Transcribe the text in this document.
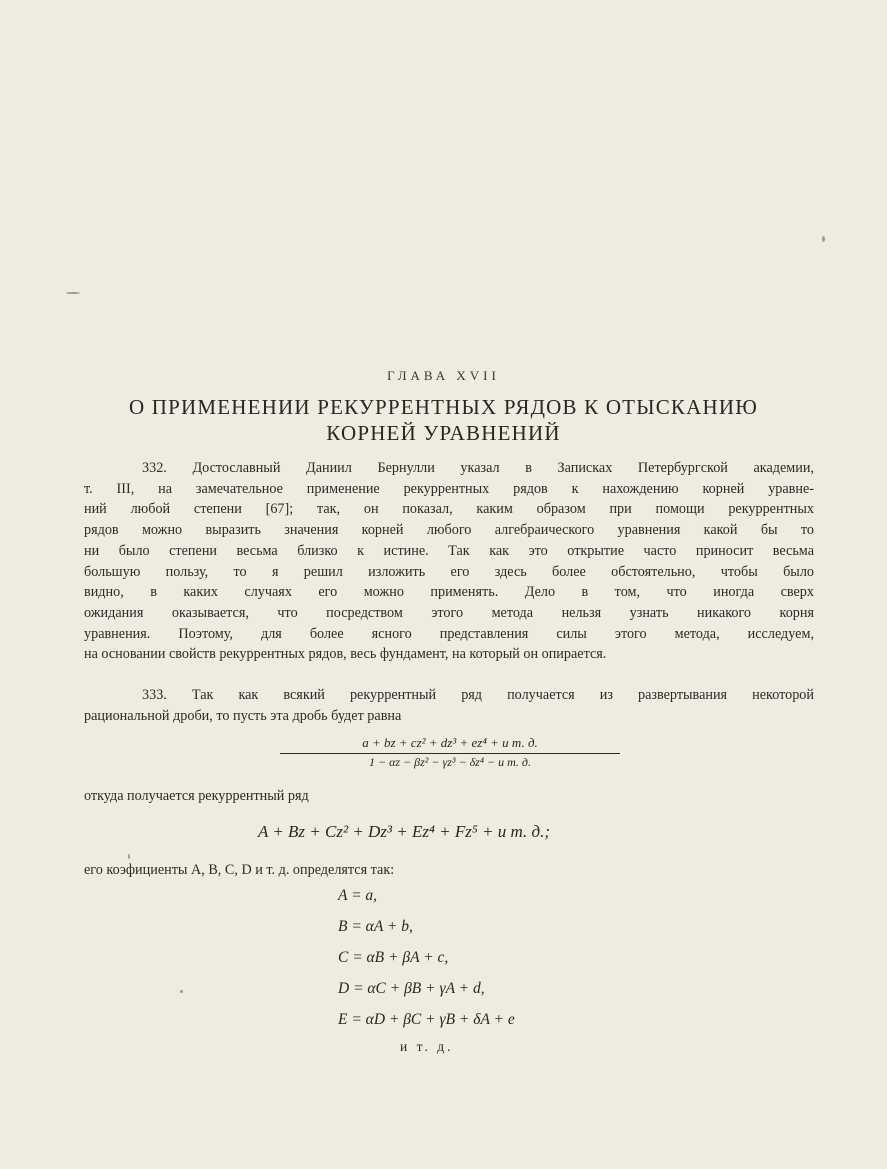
ГЛАВА XVII
О ПРИМЕНЕНИИ РЕКУРРЕНТНЫХ РЯДОВ К ОТЫСКАНИЮ
КОРНЕЙ УРАВНЕНИЙ
332. Достославный Даниил Бернулли указал в Записках Петербургской академии,
т. III, на замечательное применение рекуррентных рядов к нахождению корней уравне-
ний любой степени [67]; так, он показал, каким образом при помощи рекуррентных
рядов можно выразить значения корней любого алгебраического уравнения какой бы то
ни было степени весьма близко к истине. Так как это открытие часто приносит весьма
большую пользу, то я решил изложить его здесь более обстоятельно, чтобы было
видно, в каких случаях его можно применять. Дело в том, что иногда сверх
ожидания оказывается, что посредством этого метода нельзя узнать никакого корня
уравнения. Поэтому, для более ясного представления силы этого метода, исследуем,
на основании свойств рекуррентных рядов, весь фундамент, на который он опирается.
333. Так как всякий рекуррентный ряд получается из развертывания некоторой
рациональной дроби, то пусть эта дробь будет равна
a + bz + cz² + dz³ + ez⁴ + и т. д.
1 − αz − βz² − γz³ − δz⁴ − и т. д.
откуда получается рекуррентный ряд
A + Bz + Cz² + Dz³ + Ez⁴ + Fz⁵ + и т. д.;
его коэфициенты A, B, C, D и т. д. определятся так:
A = a,
B = αA + b,
C = αB + βA + c,
D = αC + βB + γA + d,
E = αD + βC + γB + δA + e
и т. д.
